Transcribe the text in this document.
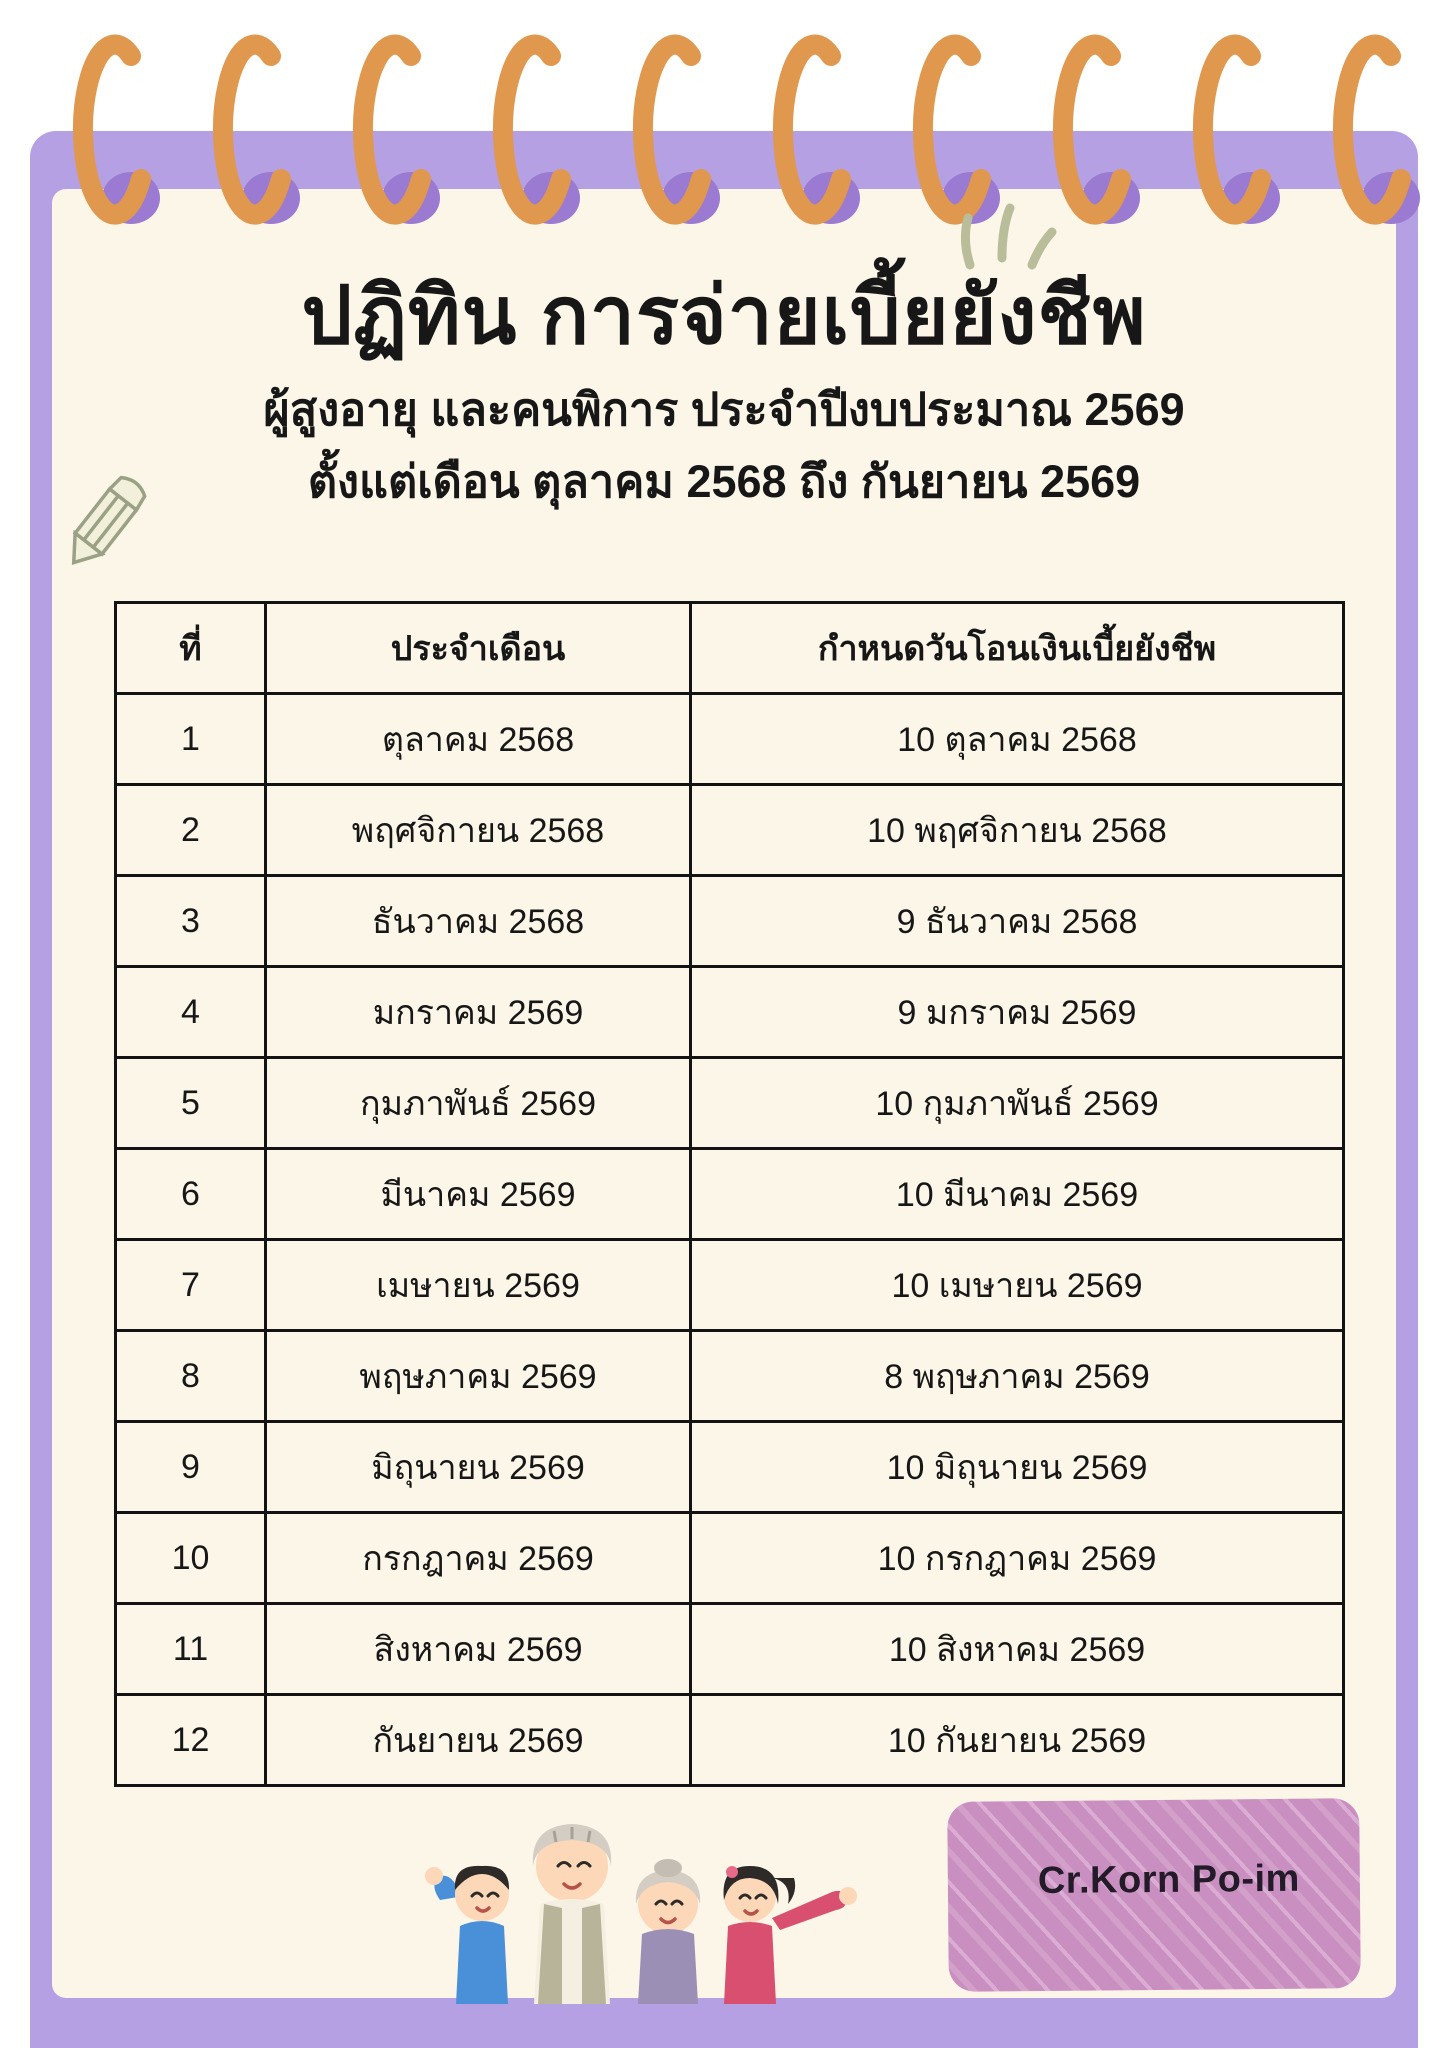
ปฏิทิน การจ่ายเบี้ยยังชีพ
ผู้สูงอายุ และคนพิการ ประจำปีงบประมาณ 2569
ตั้งแต่เดือน ตุลาคม 2568 ถึง กันยายน 2569
ที่	ประจำเดือน	กำหนดวันโอนเงินเบี้ยยังชีพ
1	ตุลาคม 2568	10 ตุลาคม 2568
2	พฤศจิกายน 2568	10 พฤศจิกายน 2568
3	ธันวาคม 2568	9 ธันวาคม 2568
4	มกราคม 2569	9 มกราคม 2569
5	กุมภาพันธ์ 2569	10 กุมภาพันธ์ 2569
6	มีนาคม 2569	10 มีนาคม 2569
7	เมษายน 2569	10 เมษายน 2569
8	พฤษภาคม 2569	8 พฤษภาคม 2569
9	มิถุนายน 2569	10 มิถุนายน 2569
10	กรกฎาคม 2569	10 กรกฎาคม 2569
11	สิงหาคม 2569	10 สิงหาคม 2569
12	กันยายน 2569	10 กันยายน 2569
Cr.Korn Po-im
